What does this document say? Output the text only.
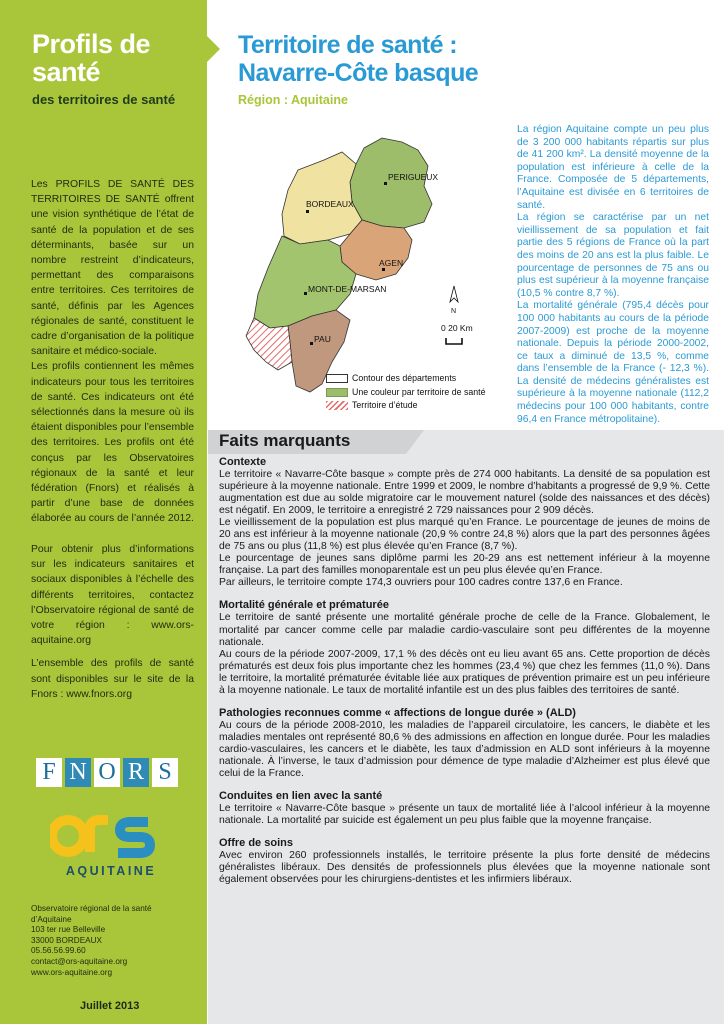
Profils de
santé
des territoires de santé

Les PROFILS DE SANTÉ DES TERRITOIRES DE SANTÉ offrent une vision synthétique de l’état de santé de la population et de ses déterminants, basée sur un nombre restreint d’indicateurs, permettant des comparaisons entre territoires. Ces territoires de santé, définis par les Agences régionales de santé, constituent le cadre d’organisation de la politique sanitaire et médico-sociale.

Les profils contiennent les mêmes indicateurs pour tous les territoires de santé. Ces indicateurs ont été sélectionnés dans la mesure où ils étaient disponibles pour l’ensemble des territoires. Les profils ont été conçus par les Observatoires régionaux de la santé et leur fédération (Fnors) et réalisés à partir d’une base de données élaborée au cours de l’année 2012.

Pour obtenir plus d’informations sur les indicateurs sanitaires et sociaux disponibles à l’échelle des différents territoires, contactez l’Observatoire régional de santé de votre région : www.ors-aquitaine.org

L’ensemble des profils de santé sont disponibles sur le site de la Fnors : www.fnors.org

F N O R S
AQUITAINE
Observatoire régional de la santé
d’Aquitaine
103 ter rue Belleville
33000 BORDEAUX
05.56.56.99.60
contact@ors-aquitaine.org
www.ors-aquitaine.org
Juillet 2013
Territoire de santé :
Navarre-Côte basque
Région : Aquitaine
PERIGUEUX
BORDEAUX
AGEN
MONT-DE-MARSAN
PAU
N
0 20 Km
Contour des départements
Une couleur par territoire de santé
Territoire d’étude

La région Aquitaine compte un peu plus de 3 200 000 habitants répartis sur plus de 41 200 km². La densité moyenne de la population est inférieure à celle de la France. Composée de 5 départements, l’Aquitaine est divisée en 6 territoires de santé.

La région se caractérise par un net vieillissement de sa population et fait partie des 5 régions de France où la part des moins de 20 ans est la plus faible. Le pourcentage de personnes de 75 ans ou plus est supérieur à la moyenne française (10,5 % contre 8,7 %).

La mortalité générale (795,4 décès pour 100 000 habitants au cours de la période 2007-2009) est proche de la moyenne nationale. Depuis la période 2000-2002, ce taux a diminué de 13,5 %, comme dans l’ensemble de la France (- 12,3 %). La densité de médecins généralistes est supérieure à la moyenne nationale (112,2 médecins pour 100 000 habitants, contre 96,4 en France métropolitaine).

Faits marquants
Contexte

Le territoire « Navarre-Côte basque » compte près de 274 000 habitants. La densité de sa population est supérieure à la moyenne nationale. Entre 1999 et 2009, le nombre d’habitants a progressé de 9,9 %. Cette augmentation est due au solde migratoire car le mouvement naturel (solde des naissances et des décès) est négatif. En 2009, le territoire a enregistré 2 729 naissances pour 2 909 décès.

Le vieillissement de la population est plus marqué qu’en France. Le pourcentage de jeunes de moins de 20 ans est inférieur à la moyenne nationale (20,9 % contre 24,8 %) alors que la part des personnes âgées de 75 ans ou plus (11,8 %) est plus élevée qu’en France (8,7 %).

Le pourcentage de jeunes sans diplôme parmi les 20-29 ans est nettement inférieur à la moyenne française. La part des familles monoparentale est un peu plus élevée qu’en France.

Par ailleurs, le territoire compte 174,3 ouvriers pour 100 cadres contre 137,6 en France.

Mortalité générale et prématurée

Le territoire de santé présente une mortalité générale proche de celle de la France. Globalement, le mortalité par cancer comme celle par maladie cardio-vasculaire sont peu différentes de la moyenne nationale.

Au cours de la période 2007-2009, 17,1 % des décès ont eu lieu avant 65 ans. Cette proportion de décès prématurés est deux fois plus importante chez les hommes (23,4 %) que chez les femmes (11,0 %). Dans le territoire, la mortalité prématurée évitable liée aux pratiques de prévention primaire est un peu inférieure à la moyenne nationale. Le taux de mortalité infantile est un des plus faibles des territoires de santé.

Pathologies reconnues comme « affections de longue durée » (ALD)

Au cours de la période 2008-2010, les maladies de l’appareil circulatoire, les cancers, le diabète et les maladies mentales ont représenté 80,6 % des admissions en affection en longue durée. Pour les maladies cardio-vasculaires, les cancers et le diabète, les taux d’admission en ALD sont inférieurs à la moyenne nationale. À l’inverse, le taux d’admission pour démence de type maladie d’Alzheimer est plus élevé que celui de la France.

Conduites en lien avec la santé

Le territoire « Navarre-Côte basque » présente un taux de mortalité liée à l’alcool inférieur à la moyenne nationale. La mortalité par suicide est également un peu plus faible que la moyenne française.

Offre de soins

Avec environ 260 professionnels installés, le territoire présente la plus forte densité de médecins généralistes libéraux. Des densités de professionnels plus élevées que la moyenne nationale sont également observées pour les chirurgiens-dentistes et les infirmiers libéraux.
